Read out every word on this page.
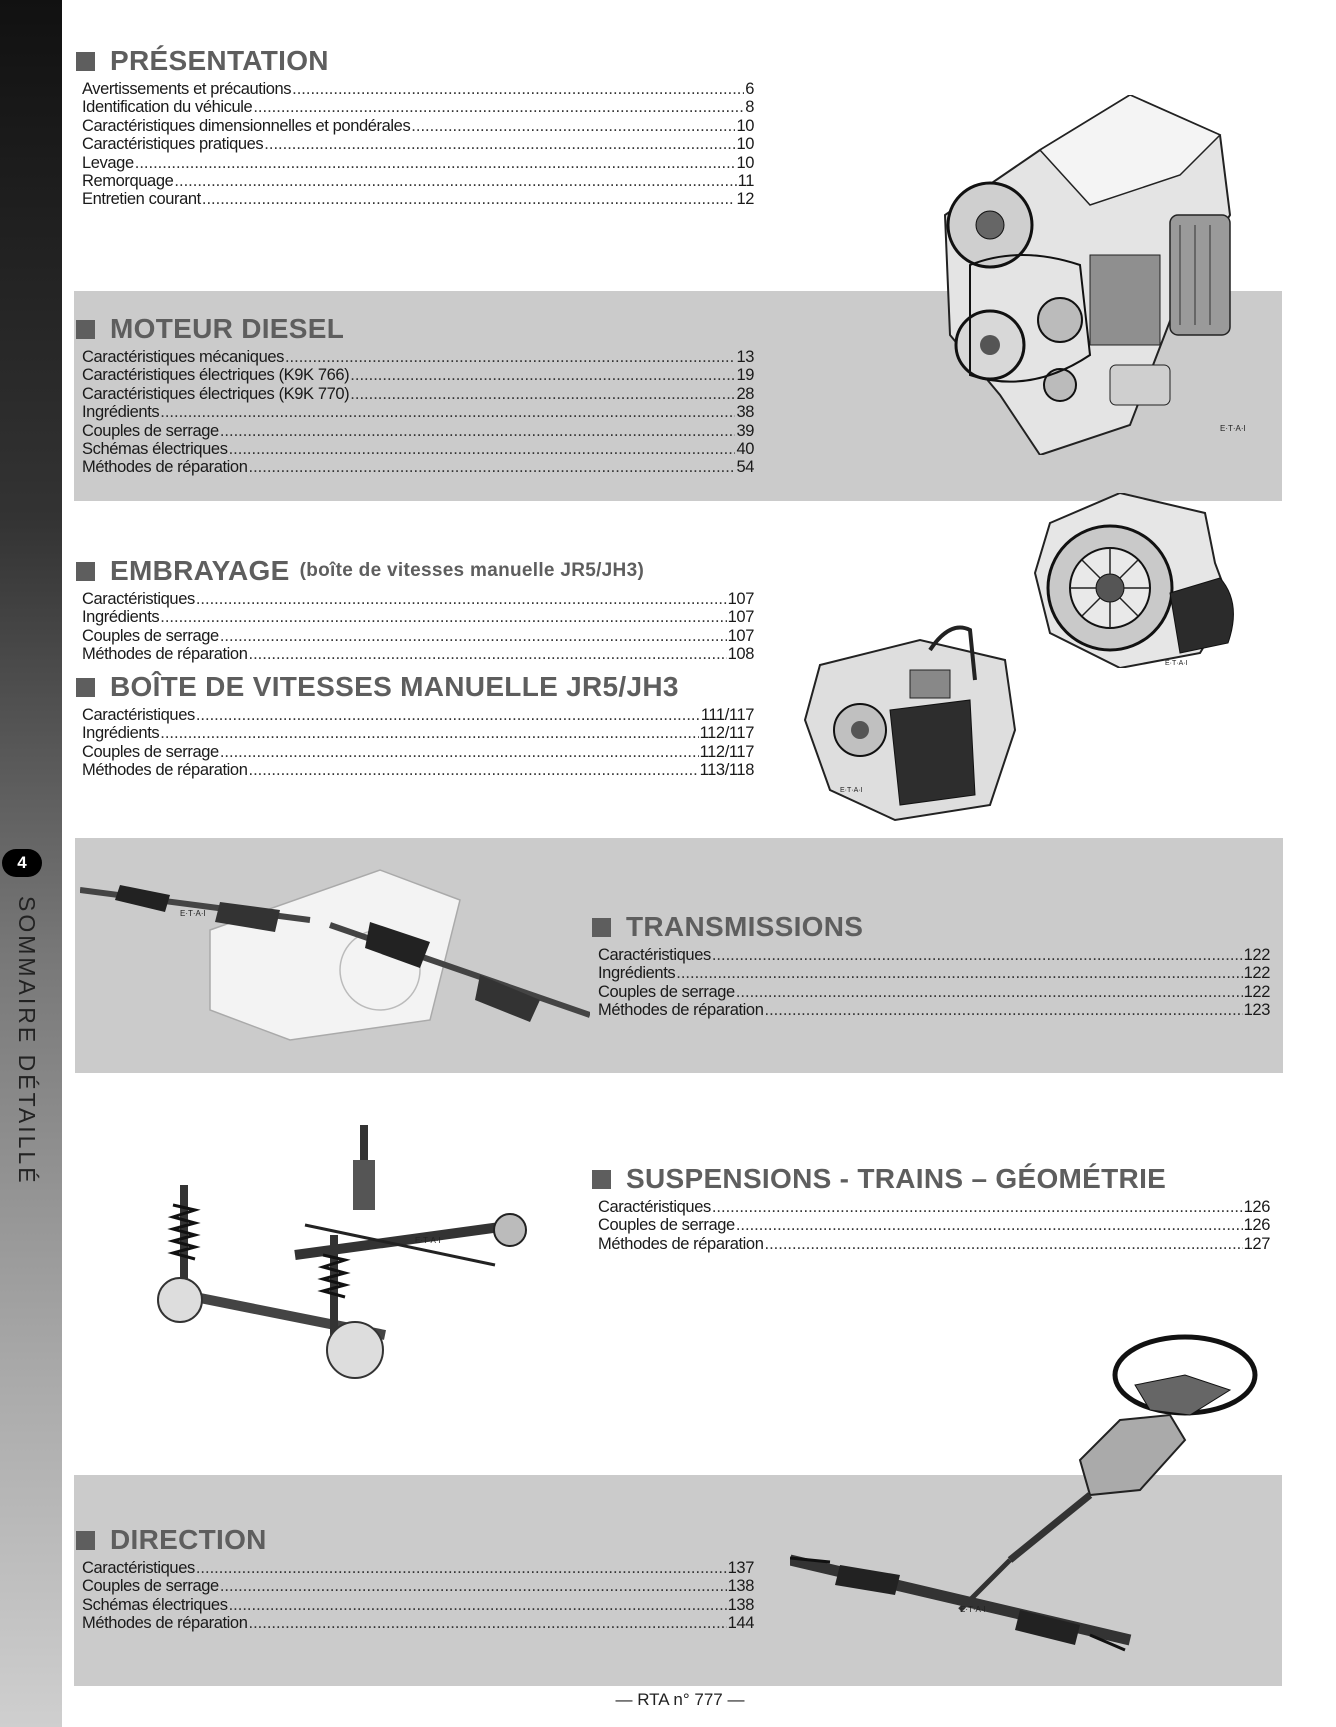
4
SOMMAIRE DÉTAILLÉ
PRÉSENTATION
Avertissements et précautions .....	6
Identification du véhicule .....	8
Caractéristiques dimensionnelles et pondérales .....	10
Caractéristiques pratiques .....	10
Levage .....	10
Remorquage .....	11
Entretien courant .....	12
MOTEUR DIESEL
Caractéristiques mécaniques .....	13
Caractéristiques électriques (K9K 766) .....	19
Caractéristiques électriques (K9K 770) .....	28
Ingrédients .....	38
Couples de serrage .....	39
Schémas électriques .....	40
Méthodes de réparation .....	54
EMBRAYAGE (boîte de vitesses manuelle JR5/JH3)
Caractéristiques .....	107
Ingrédients .....	107
Couples de serrage .....	107
Méthodes de réparation .....	108
BOÎTE DE VITESSES MANUELLE JR5/JH3
Caractéristiques .....	111/117
Ingrédients .....	112/117
Couples de serrage .....	112/117
Méthodes de réparation .....	113/118
TRANSMISSIONS
Caractéristiques .....	122
Ingrédients .....	122
Couples de serrage .....	122
Méthodes de réparation .....	123
SUSPENSIONS - TRAINS – GÉOMÉTRIE
Caractéristiques .....	126
Couples de serrage .....	126
Méthodes de réparation .....	127
DIRECTION
Caractéristiques .....	137
Couples de serrage .....	138
Schémas électriques .....	138
Méthodes de réparation .....	144
E·T·A·I
E·T·A·I
E·T·A·I
E·T·A·I
E·T·A·I
E·T·A·I
— RTA n° 777 —
